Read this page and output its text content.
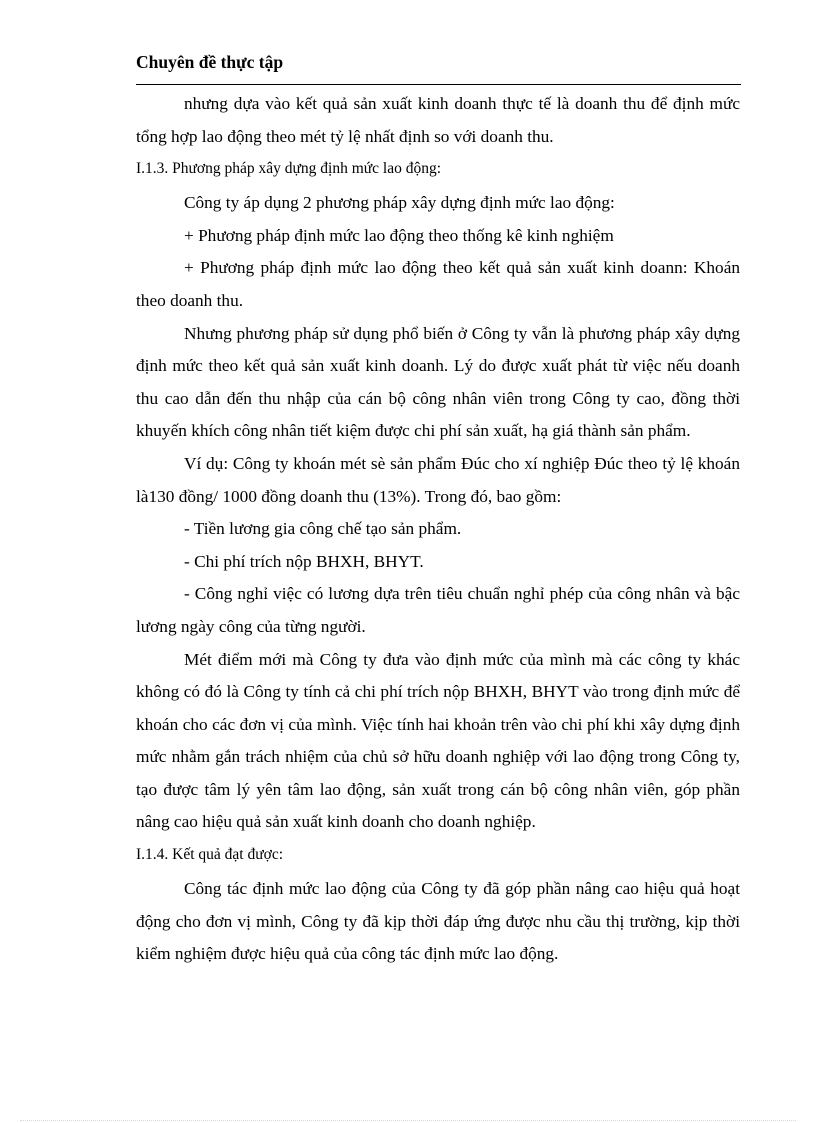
Chuyên đề thực tập

nhưng dựa vào kết quả sản xuất kinh doanh thực tế là doanh thu để định mức tổng hợp lao động theo mét tỷ lệ nhất định so với doanh thu.

I.1.3. Phương pháp xây dựng định mức lao động:

Công ty áp dụng 2 phương pháp xây dựng định mức lao động:

+ Phương pháp định mức lao động theo thống kê kinh nghiệm

+ Phương pháp định mức lao động theo kết quả sản xuất kinh doann: Khoán theo doanh thu.

Nhưng phương pháp sử dụng phổ biến ở Công ty vẫn là phương pháp xây dựng định mức theo kết quả sản xuất kinh doanh. Lý do được xuất phát từ việc nếu doanh thu cao dẫn đến thu nhập của cán bộ công nhân viên trong Công ty cao, đồng thời khuyến khích công nhân tiết kiệm được chi phí sản xuất, hạ giá thành sản phẩm.

Ví dụ: Công ty khoán mét sè sản phẩm Đúc cho xí nghiệp Đúc theo tỷ lệ khoán là130 đồng/ 1000 đồng doanh thu (13%). Trong đó, bao gồm:

- Tiền lương gia công chế tạo sản phẩm.

- Chi phí trích nộp BHXH, BHYT.

- Công nghỉ việc có lương dựa trên tiêu chuẩn nghỉ phép của công nhân và bậc lương ngày công của từng người.

Mét điểm mới mà Công ty đưa vào định mức của mình mà các công ty khác không có đó là Công ty tính cả chi phí trích nộp BHXH, BHYT vào trong định mức để khoán cho các đơn vị của mình. Việc tính hai khoản trên vào chi phí khi xây dựng định mức nhằm gắn trách nhiệm của chủ sở hữu doanh nghiệp với lao động trong Công ty, tạo được tâm lý yên tâm lao động, sản xuất trong cán bộ công nhân viên, góp phần nâng cao hiệu quả sản xuất kinh doanh cho doanh nghiệp.

I.1.4. Kết quả đạt được:

Công tác định mức lao động của Công ty đã góp phần nâng cao hiệu quả hoạt động cho đơn vị mình, Công ty đã kịp thời đáp ứng được nhu cầu thị trường, kịp thời kiểm nghiệm được hiệu quả của công tác định mức lao động.
